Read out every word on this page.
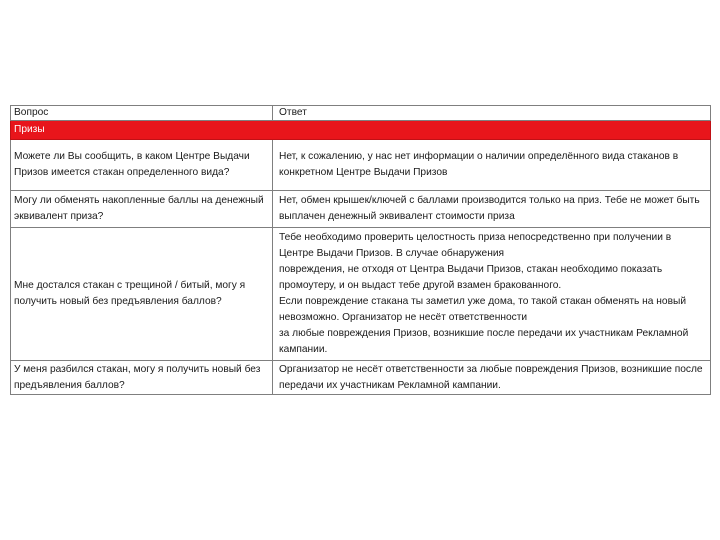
Вопрос	Ответ
Призы	
Можете ли Вы сообщить, в каком Центре Выдачи Призов имеется стакан определенного вида?	Нет, к сожалению, у нас нет информации о наличии определённого вида стаканов в конкретном Центре Выдачи Призов

Могу ли обменять накопленные баллы на денежный эквивалент приза?	Нет, обмен крышек/ключей с баллами производится только на приз. Тебе не может быть выплачен денежный эквивалент стоимости приза

Мне достался стакан с трещиной / битый, могу я получить новый без предъявления баллов?	Тебе необходимо проверить целостность приза непосредственно при получении в Центре Выдачи Призов. В случае обнаружения
повреждения, не отходя от Центра Выдачи Призов, стакан необходимо показать промоутеру, и он выдаст тебе другой взамен бракованного.
Если повреждение стакана ты заметил уже дома, то такой стакан обменять на новый невозможно. Организатор не несёт ответственности
за любые повреждения Призов, возникшие после передачи их участникам Рекламной кампании.

У меня разбился стакан, могу я получить новый без предъявления баллов?	Организатор не несёт ответственности за любые повреждения Призов, возникшие после передачи их участникам Рекламной кампании.
